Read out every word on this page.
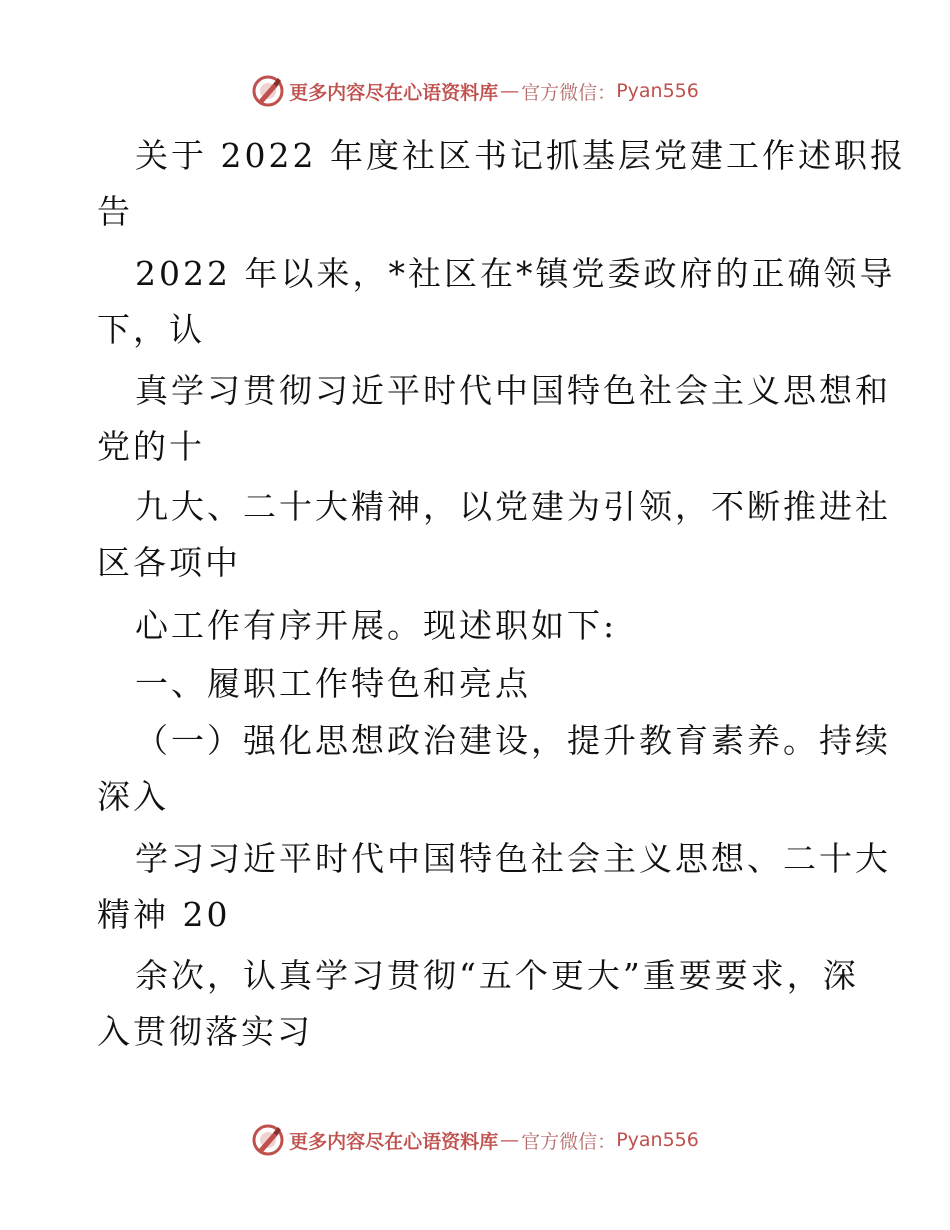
更多内容尽在心语资料库 — 官方微信： Pyan556
关于 2022 年度社区书记抓基层党建工作述职报
告
2022 年以来，*社区在*镇党委政府的正确领导
下，认
真学习贯彻习近平时代中国特色社会主义思想和
党的十
九大、二十大精神，以党建为引领，不断推进社
区各项中
心工作有序开展。现述职如下:
一、履职工作特色和亮点
（一）强化思想政治建设，提升教育素养。持续
深入
学习习近平时代中国特色社会主义思想、二十大
精神 20
余次，认真学习贯彻“五个更大”重要要求，深
入贯彻落实习
更多内容尽在心语资料库 — 官方微信： Pyan556
